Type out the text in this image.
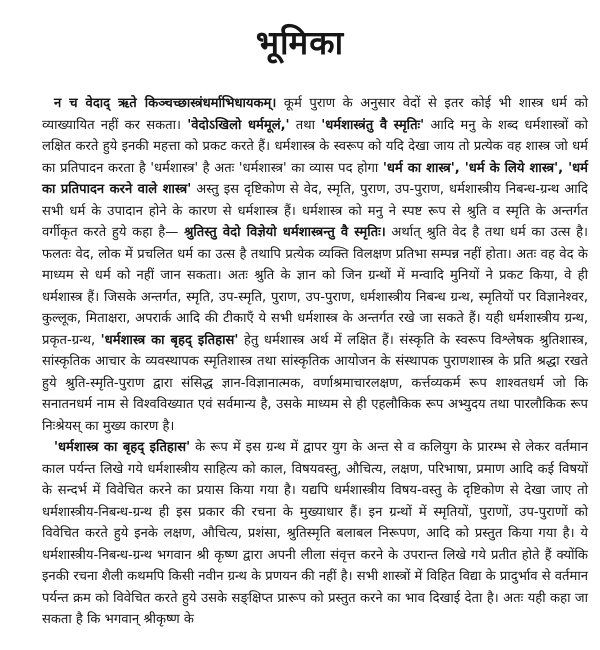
भूमिका

न च वेदाद् ऋते किञ्चच्छास्त्रंधर्माभिधायकम्। कूर्म पुराण के अनुसार वेदों से इतर कोई भी शास्त्र धर्म को व्याख्यायित नहीं कर सकता। 'वेदोऽखिलो धर्ममूलं,' तथा 'धर्मशास्त्रंतु वै स्मृतिः' आदि मनु के शब्द धर्मशास्त्रों को लक्षित करते हुये इनकी महत्ता को प्रकट करते हैं। धर्मशास्त्र के स्वरूप को यदि देखा जाय तो प्रत्येक वह शास्त्र जो धर्म का प्रतिपादन करता है 'धर्मशास्त्र' है अतः 'धर्मशास्त्र' का व्यास पद होगा 'धर्म का शास्त्र', 'धर्म के लिये शास्त्र', 'धर्म का प्रतिपादन करने वाले शास्त्र' अस्तु इस दृष्टिकोण से वेद, स्मृति, पुराण, उप-पुराण, धर्मशास्त्रीय निबन्ध-ग्रन्थ आदि सभी धर्म के उपादान होने के कारण से धर्मशास्त्र हैं। धर्मशास्त्र को मनु ने स्पष्ट रूप से श्रुति व स्मृति के अन्तर्गत वर्गीकृत करते हुये कहा है— श्रुतिस्तु वेदो विज्ञेयो धर्मशास्त्रन्तु वै स्मृतिः। अर्थात् श्रुति वेद है तथा धर्म का उत्स है। फलतः वेद, लोक में प्रचलित धर्म का उत्स है तथापि प्रत्येक व्यक्ति विलक्षण प्रतिभा सम्पन्न नहीं होता। अतः वह वेद के माध्यम से धर्म को नहीं जान सकता। अतः श्रुति के ज्ञान को जिन ग्रन्थों में मन्वादि मुनियों ने प्रकट किया, वे ही धर्मशास्त्र हैं। जिसके अन्तर्गत, स्मृति, उप-स्मृति, पुराण, उप-पुराण, धर्मशास्त्रीय निबन्ध ग्रन्थ, स्मृतियों पर विज्ञानेश्वर, कुल्लूक, मिताक्षरा, अपरार्क आदि की टीकाएँ ये सभी धर्मशास्त्र के अन्तर्गत रखे जा सकते हैं। यही धर्मशास्त्रीय ग्रन्थ, प्रकृत-ग्रन्थ, 'धर्मशास्त्र का बृहद् इतिहास' हेतु धर्मशास्त्र अर्थ में लक्षित हैं। संस्कृति के स्वरूप विश्लेषक श्रुतिशास्त्र, सांस्कृतिक आचार के व्यवस्थापक स्मृतिशास्त्र तथा सांस्कृतिक आयोजन के संस्थापक पुराणशास्त्र के प्रति श्रद्धा रखते हुये श्रुति-स्मृति-पुराण द्वारा संसिद्ध ज्ञान-विज्ञानात्मक, वर्णाश्रमाचारलक्षण, कर्त्तव्यकर्म रूप शाश्वतधर्म जो कि सनातनधर्म नाम से विश्वविख्यात एवं सर्वमान्य है, उसके माध्यम से ही एहलौकिक रूप अभ्युदय तथा पारलौकिक रूप निःश्रेयस् का मुख्य कारण है।

'धर्मशास्त्र का बृहद् इतिहास' के रूप में इस ग्रन्थ में द्वापर युग के अन्त से व कलियुग के प्रारम्भ से लेकर वर्तमान काल पर्यन्त लिखे गये धर्मशास्त्रीय साहित्य को काल, विषयवस्तु, औचित्य, लक्षण, परिभाषा, प्रमाण आदि कई विषयों के सन्दर्भ में विवेचित करने का प्रयास किया गया है। यद्यपि धर्मशास्त्रीय विषय-वस्तु के दृष्टिकोण से देखा जाए तो धर्मशास्त्रीय-निबन्ध-ग्रन्थ ही इस प्रकार की रचना के मुख्याधार हैं। इन ग्रन्थों में स्मृतियों, पुराणों, उप-पुराणों को विवेचित करते हुये इनके लक्षण, औचित्य, प्रशंसा, श्रुतिस्मृति बलाबल निरूपण, आदि को प्रस्तुत किया गया है। ये धर्मशास्त्रीय-निबन्ध-ग्रन्थ भगवान श्री कृष्ण द्वारा अपनी लीला संवृत्त करने के उपरान्त लिखे गये प्रतीत होते हैं क्योंकि इनकी रचना शैली कथमपि किसी नवीन ग्रन्थ के प्रणयन की नहीं है। सभी शास्त्रों में विहित विद्या के प्रादुर्भाव से वर्तमान पर्यन्त क्रम को विवेचित करते हुये उसके सङ्क्षिप्त प्रारूप को प्रस्तुत करने का भाव दिखाई देता है। अतः यही कहा जा सकता है कि भगवान् श्रीकृष्ण के
